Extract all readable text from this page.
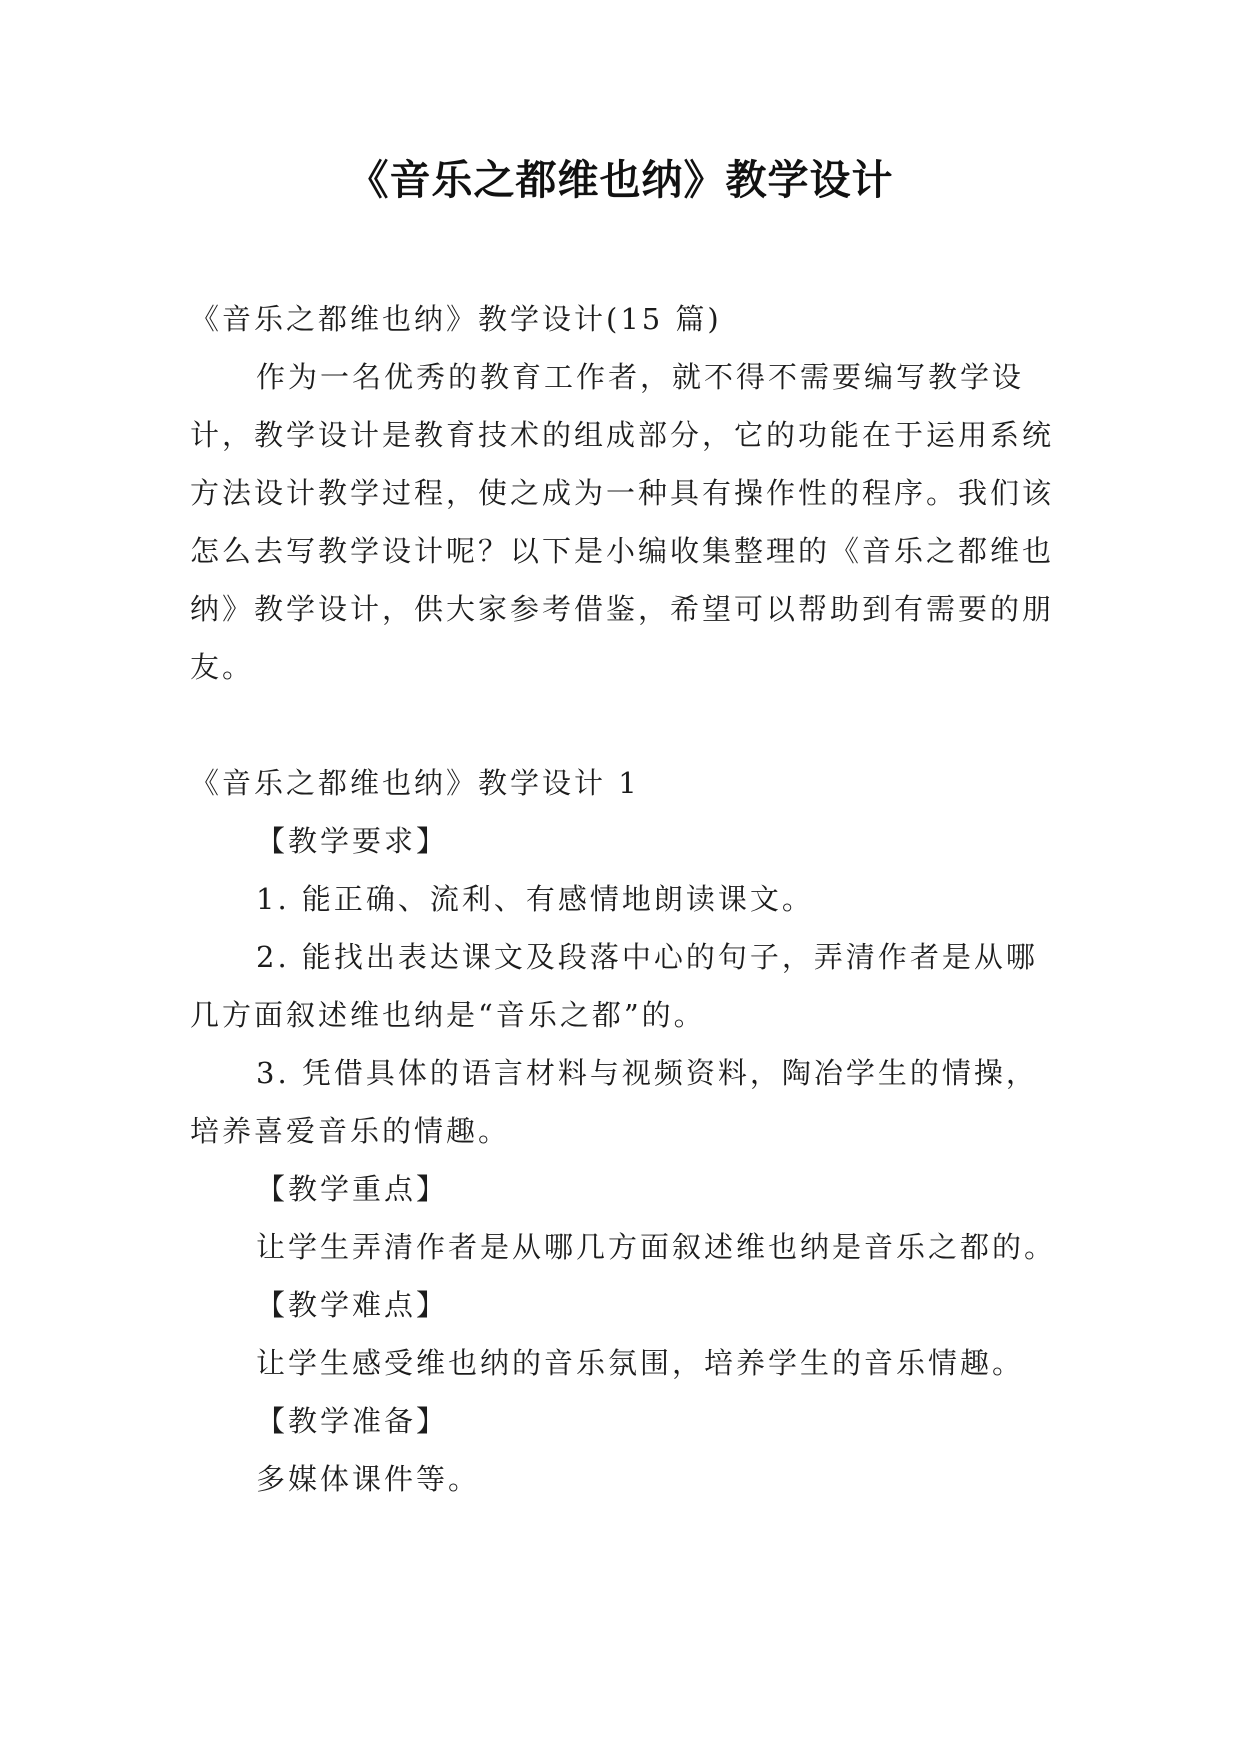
《音乐之都维也纳》教学设计

《音乐之都维也纳》教学设计(15 篇)

作为一名优秀的教育工作者，就不得不需要编写教学设计，教学设计是教育技术的组成部分，它的功能在于运用系统方法设计教学过程，使之成为一种具有操作性的程序。我们该怎么去写教学设计呢？以下是小编收集整理的《音乐之都维也纳》教学设计，供大家参考借鉴，希望可以帮助到有需要的朋友。

《音乐之都维也纳》教学设计 1

【教学要求】

1. 能正确、流利、有感情地朗读课文。

2. 能找出表达课文及段落中心的句子，弄清作者是从哪几方面叙述维也纳是“音乐之都”的。

3. 凭借具体的语言材料与视频资料，陶冶学生的情操，培养喜爱音乐的情趣。

【教学重点】

让学生弄清作者是从哪几方面叙述维也纳是音乐之都的。

【教学难点】

让学生感受维也纳的音乐氛围，培养学生的音乐情趣。

【教学准备】

多媒体课件等。
